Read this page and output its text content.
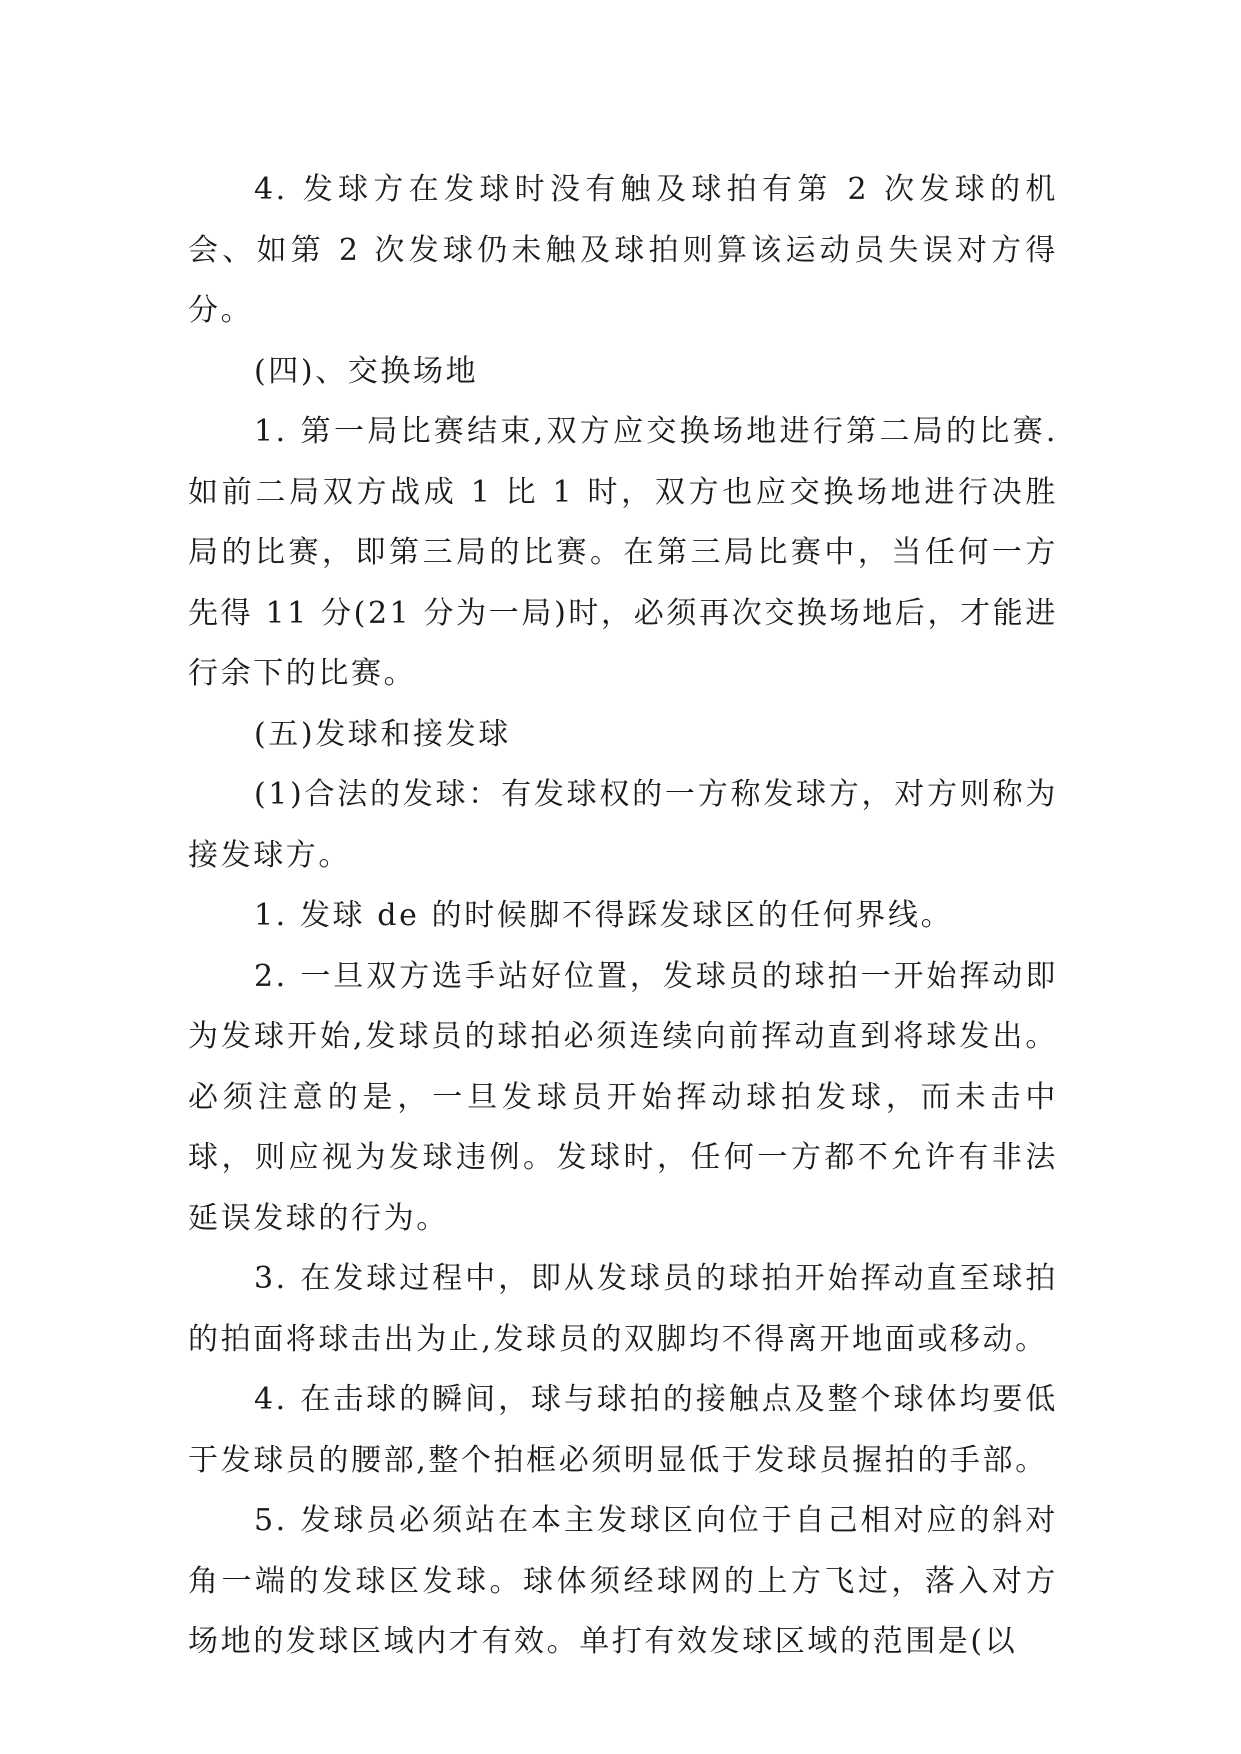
4. 发球方在发球时没有触及球拍有第 2 次发球的机会、如第 2 次发球仍未触及球拍则算该运动员失误对方得分。

(四)、交换场地

1. 第一局比赛结束,双方应交换场地进行第二局的比赛.如前二局双方战成 1 比 1 时，双方也应交换场地进行决胜局的比赛，即第三局的比赛。在第三局比赛中，当任何一方先得 11 分(21 分为一局)时，必须再次交换场地后，才能进行余下的比赛。

(五)发球和接发球

(1)合法的发球：有发球权的一方称发球方，对方则称为接发球方。

1. 发球 de 的时候脚不得踩发球区的任何界线。

2. 一旦双方选手站好位置，发球员的球拍一开始挥动即为发球开始,发球员的球拍必须连续向前挥动直到将球发出。必须注意的是，一旦发球员开始挥动球拍发球，而未击中球，则应视为发球违例。发球时，任何一方都不允许有非法延误发球的行为。

3. 在发球过程中，即从发球员的球拍开始挥动直至球拍的拍面将球击出为止,发球员的双脚均不得离开地面或移动。

4. 在击球的瞬间，球与球拍的接触点及整个球体均要低于发球员的腰部,整个拍框必须明显低于发球员握拍的手部。

5. 发球员必须站在本主发球区向位于自己相对应的斜对角一端的发球区发球。球体须经球网的上方飞过，落入对方场地的发球区域内才有效。单打有效发球区域的范围是(以
